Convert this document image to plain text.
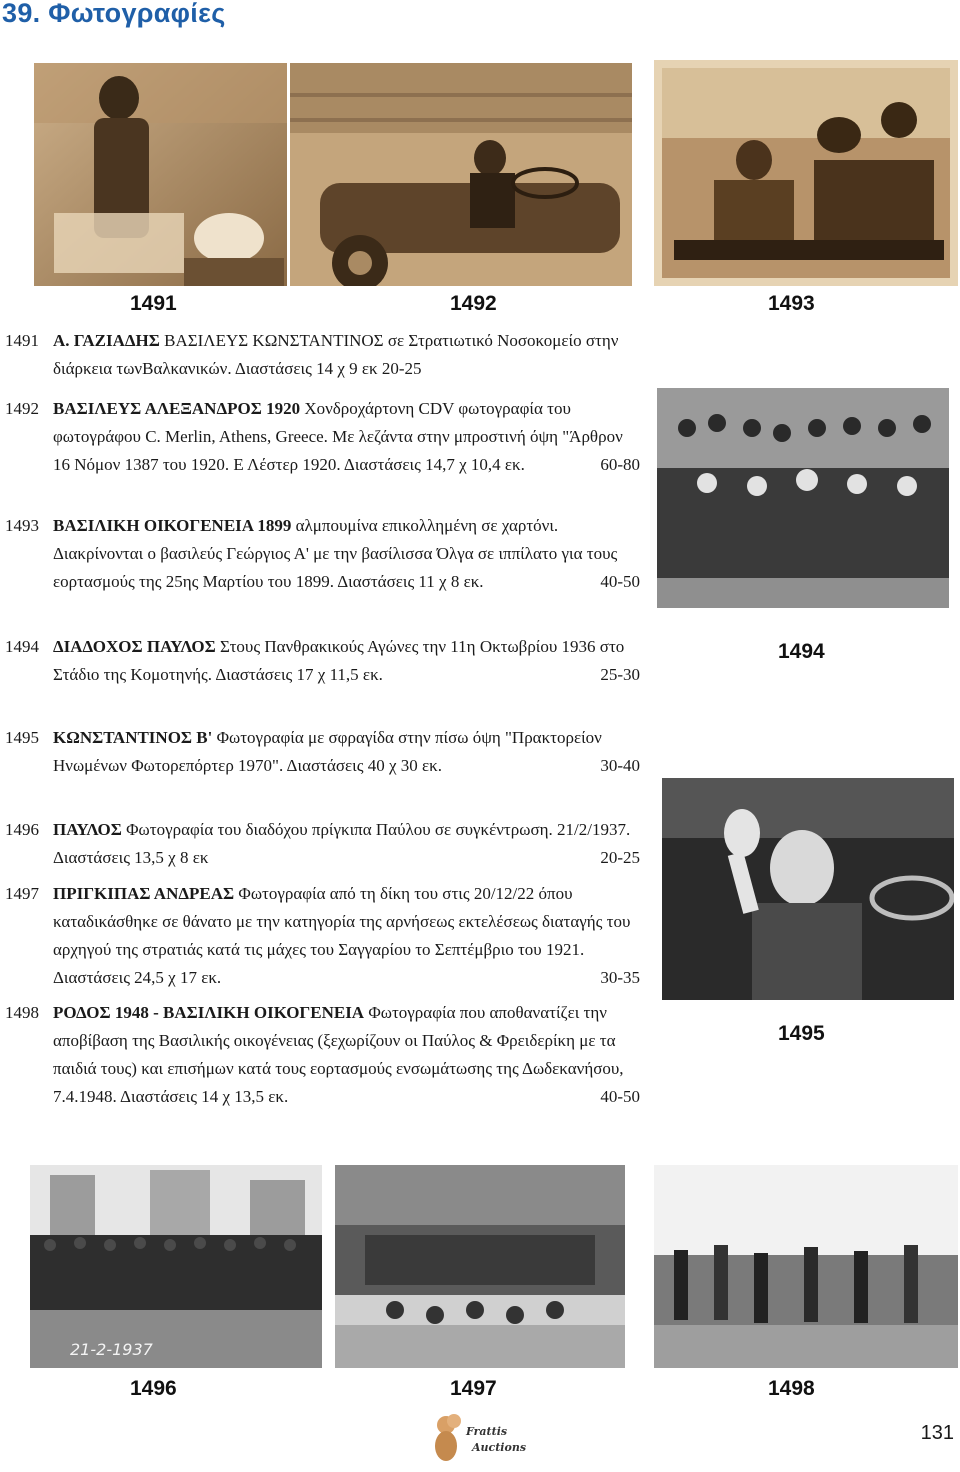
39. Φωτογραφίες
1491	1492	1493
1494
1495
1491 Α. ΓΑΖΙΑΔΗΣ ΒΑΣΙΛΕΥΣ ΚΩΝΣΤΑΝΤΙΝΟΣ σε Στρατιωτικό Νοσοκομείο στην διάρκεια τωνΒαλκανικών. Διαστάσεις 14 χ 9 εκ 20-25
1492 ΒΑΣΙΛΕΥΣ ΑΛΕΞΑΝΔΡΟΣ 1920 Χονδροχάρτονη CDV φωτογραφία του φωτογράφου C. Merlin, Athens, Greece. Με λεζάντα στην μπροστινή όψη "Άρθρον 16 Νόμον 1387 του 1920. Ε Λέστερ 1920. Διαστάσεις 14,7 χ 10,4 εκ.	60-80
1493 ΒΑΣΙΛΙΚΗ ΟΙΚΟΓΕΝΕΙΑ 1899 αλμπουμίνα επικολλημένη σε χαρτόνι. Διακρίνονται ο βασιλεύς Γεώργιος Α' με την βασίλισσα Όλγα σε ιππίλατο για τους εορτασμούς της 25ης Μαρτίου του 1899. Διαστάσεις 11 χ 8 εκ.	40-50
1494 ΔΙΑΔΟΧΟΣ ΠΑΥΛΟΣ Στους Πανθρακικούς Αγώνες την 11η Οκτωβρίου 1936 στο Στάδιο της Κομοτηνής. Διαστάσεις 17 χ 11,5 εκ.	25-30
1495 ΚΩΝΣΤΑΝΤΙΝΟΣ Β' Φωτογραφία με σφραγίδα στην πίσω όψη "Πρακτορείον Ηνωμένων Φωτορεπόρτερ 1970". Διαστάσεις 40 χ 30 εκ.	30-40
1496 ΠΑΥΛΟΣ Φωτογραφία του διαδόχου πρίγκιπα Παύλου σε συγκέντρωση. 21/2/1937. Διαστάσεις 13,5 χ 8 εκ	20-25
1497 ΠΡΙΓΚΙΠΑΣ ΑΝΔΡΕΑΣ Φωτογραφία από τη δίκη του στις 20/12/22 όπου καταδικάσθηκε σε θάνατο με την κατηγορία της αρνήσεως εκτελέσεως διαταγής του αρχηγού της στρατιάς κατά τις μάχες του Σαγγαρίου το Σεπτέμβριο του 1921. Διαστάσεις 24,5 χ 17 εκ.	30-35
1498 ΡΟΔΟΣ 1948 - ΒΑΣΙΛΙΚΗ ΟΙΚΟΓΕΝΕΙΑ Φωτογραφία που αποθανατίζει την αποβίβαση της Βασιλικής οικογένειας (ξεχωρίζουν οι Παύλος & Φρειδερίκη με τα παιδιά τους) και επισήμων κατά τους εορτασμούς ενσωμάτωσης της Δωδεκανήσου, 7.4.1948. Διαστάσεις 14 χ 13,5 εκ.	40-50
21-2-1937
1496	1497	1498
Frattis
Auctions
131
